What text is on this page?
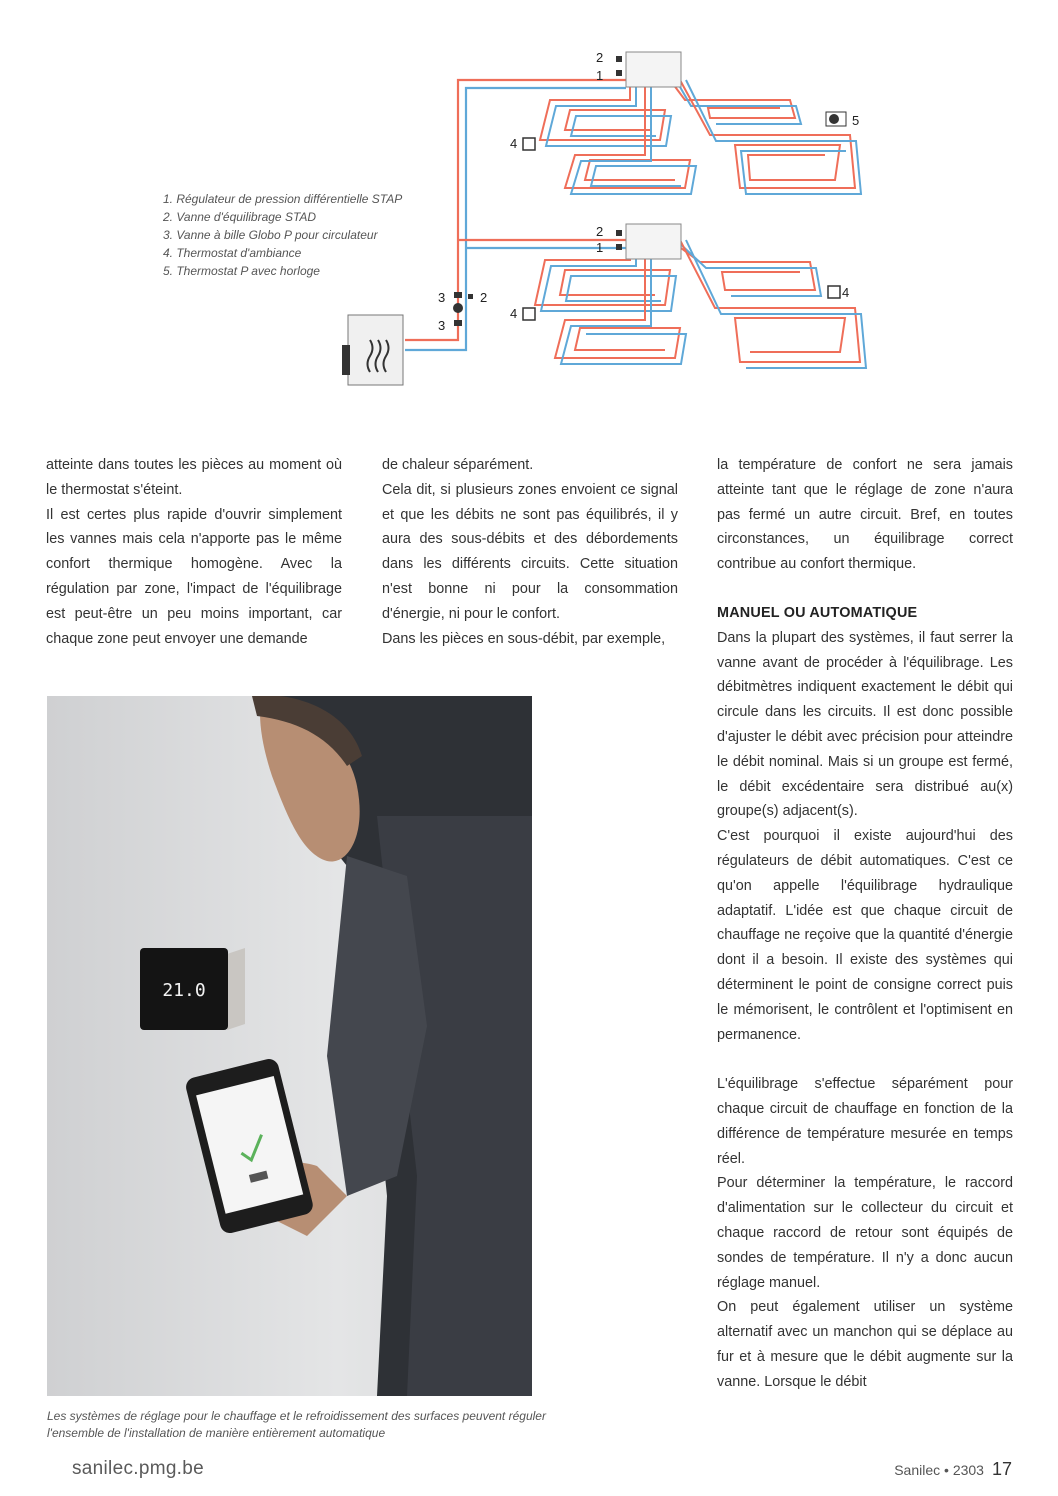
2
1
4
5
2
1
3	2
3
4
4
1. Régulateur de pression différentielle STAP
2. Vanne d'équilibrage STAD
3. Vanne à bille Globo P pour circulateur
4. Thermostat d'ambiance
5. Thermostat P avec horloge

atteinte dans toutes les pièces au moment où le thermostat s'éteint.

Il est certes plus rapide d'ouvrir simplement les vannes mais cela n'apporte pas le même confort thermique homogène. Avec la régulation par zone, l'impact de l'équilibrage est peut-être un peu moins important, car chaque zone peut envoyer une demande

de chaleur séparément.

Cela dit, si plusieurs zones envoient ce signal et que les débits ne sont pas équilibrés, il y aura des sous-débits et des débordements dans les différents circuits. Cette situation n'est bonne ni pour la consommation d'énergie, ni pour le confort.

Dans les pièces en sous-débit, par exemple,

la température de confort ne sera jamais atteinte tant que le réglage de zone n'aura pas fermé un autre circuit. Bref, en toutes circonstances, un équilibrage correct contribue au confort thermique.

MANUEL OU AUTOMATIQUE

Dans la plupart des systèmes, il faut serrer la vanne avant de procéder à l'équilibrage. Les débitmètres indiquent exactement le débit qui circule dans les circuits. Il est donc possible d'ajuster le débit avec précision pour atteindre le débit nominal. Mais si un groupe est fermé, le débit excédentaire sera distribué au(x) groupe(s) adjacent(s).

C'est pourquoi il existe aujourd'hui des régulateurs de débit automatiques. C'est ce qu'on appelle l'équilibrage hydraulique adaptatif. L'idée est que chaque circuit de chauffage ne reçoive que la quantité d'énergie dont il a besoin. Il existe des systèmes qui déterminent le point de consigne correct puis le mémorisent, le contrôlent et l'optimisent en permanence.

L'équilibrage s'effectue séparément pour chaque circuit de chauffage en fonction de la différence de température mesurée en temps réel.

Pour déterminer la température, le raccord d'alimentation sur le collecteur du circuit et chaque raccord de retour sont équipés de sondes de température. Il n'y a donc aucun réglage manuel.

On peut également utiliser un système alternatif avec un manchon qui se déplace au fur et à mesure que le débit augmente sur la vanne. Lorsque le débit

21.0
Les systèmes de réglage pour le chauffage et le refroidissement des surfaces peuvent réguler l'ensemble de l'installation de manière entièrement automatique
sanilec.pmg.be	Sanilec • 2303 17
